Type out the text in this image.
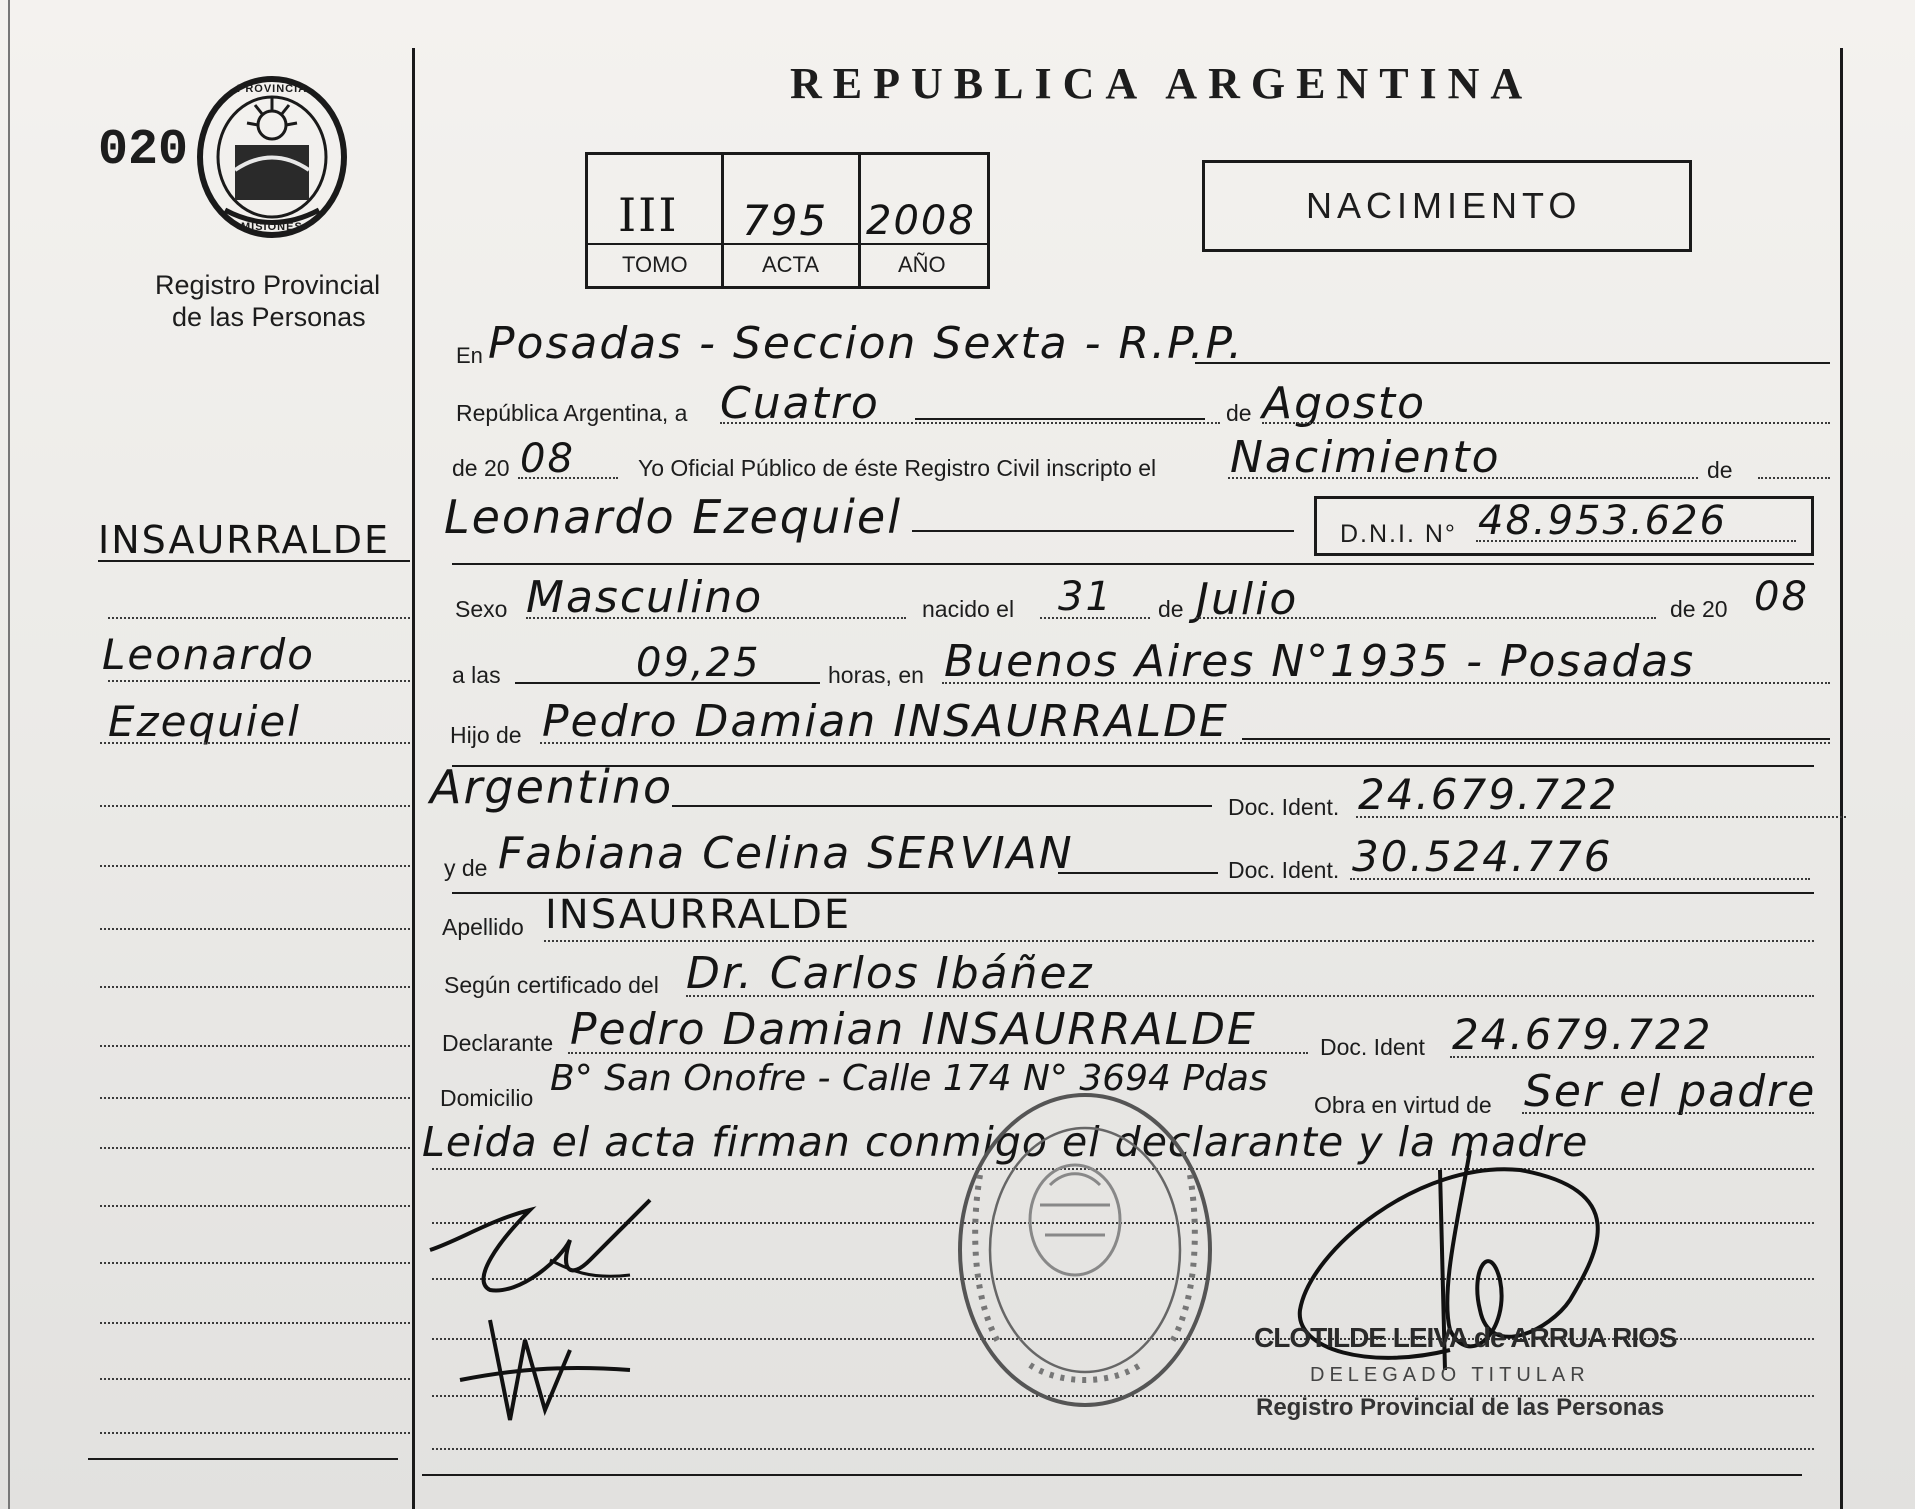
REPUBLICA ARGENTINA
020
PROVINCIA
MISIONES
Registro Provincial
de las Personas
III 795 2008
TOMO	ACTA	AÑO
NACIMIENTO
INSAURRALDE
Leonardo
Ezequiel
En Posadas - Seccion Sexta - R.P.P.
República Argentina, a Cuatro	de Agosto
de 20 08	Yo Oficial Público de éste Registro Civil inscripto el Nacimiento	de
Leonardo Ezequiel	D.N.I. N° 48.953.626
Sexo Masculino	nacido el 31 de Julio	de 20 08
a las	09,25	horas, en Buenos Aires N°1935 - Posadas
Hijo de Pedro Damian INSAURRALDE
Argentino	Doc. Ident. 24.679.722
y de Fabiana Celina SERVIAN	Doc. Ident. 30.524.776
Apellido INSAURRALDE
Según certificado del Dr. Carlos Ibáñez
Declarante Pedro Damian INSAURRALDE	Doc. Ident 24.679.722
Domicilio B° San Onofre - Calle 174 N° 3694 Pdas
Obra en virtud de Ser el padre
Leida el acta firman conmigo el declarante y la madre
CLOTILDE LEIVA de ARRUA RIOS
DELEGADO TITULAR
Registro Provincial de las Personas
